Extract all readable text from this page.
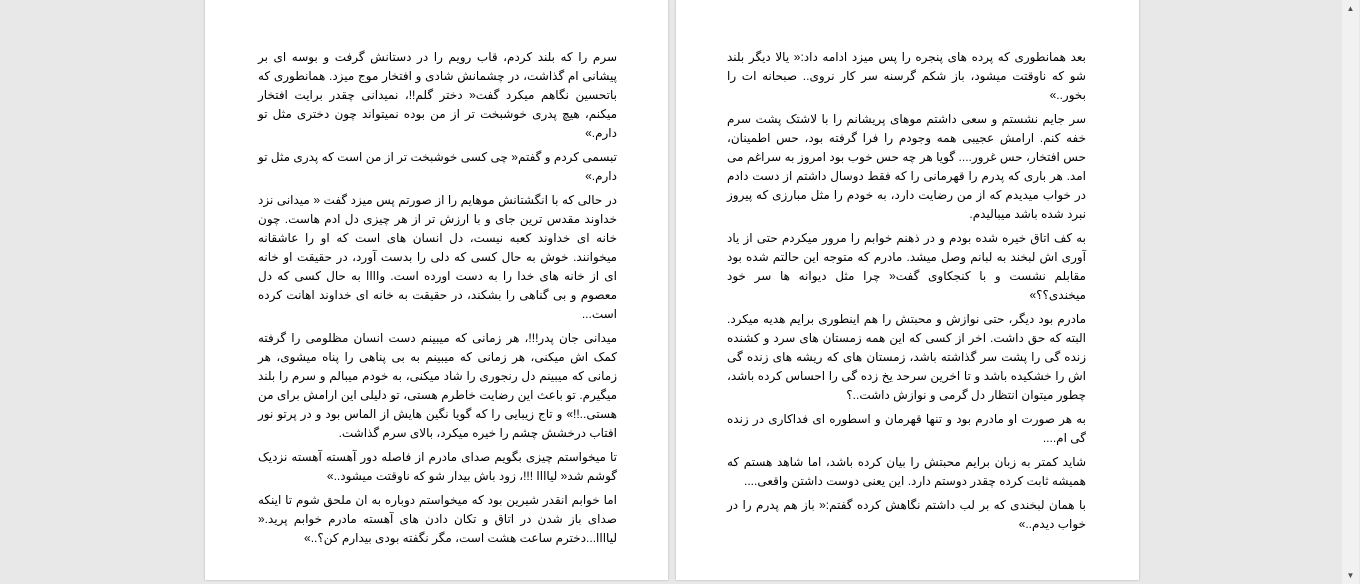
سرم را که بلند کردم، قاب رویم را در دستانش گرفت و بوسه ای بر پیشانی ام گذاشت، در چشمانش شادی و افتخار موج میزد. همانطوری که باتحسین نگاهم میکرد گفت« دختر گلم!!، نمیدانی چقدر برایت افتخار میکنم، هیچ پدری خوشبخت تر از من بوده نمیتواند چون دختری مثل تو دارم.»

تبسمی کردم و گفتم« چی کسی خوشبخت تر از من است که پدری مثل تو دارم.»

در حالی که با انگشتانش موهایم را از صورتم پس میزد گفت « میدانی نزد خداوند مقدس ترین جای و با ارزش تر از هر چیزی دل ادم هاست. چون خانه ای خداوند کعبه نیست، دل انسان های است که او را عاشقانه میخوانند. خوش به حال کسی که دلی را بدست آورد، در حقیقت او خانه ای از خانه های خدا را به دست اورده است. واااا به حال کسی که دل معصوم و بی گناهی را بشکند، در حقیقت به خانه ای خداوند اهانت کرده است...

میدانی جان پدر!!!، هر زمانی که میبینم دست انسان مظلومی را گرفته کمک اش میکنی، هر زمانی که میبینم به بی پناهی را پناه میشوی، هر زمانی که میبینم دل رنجوری را شاد میکنی، به خودم میبالم و سرم را بلند میگیرم. تو باعث این رضایت خاطرم هستی، تو دلیلی این ارامش برای من هستی..!!» و تاج زیبایی را که گویا نگین هایش از الماس بود و در پرتو نور افتاب درخشش چشم را خیره میکرد، بالای سرم گذاشت.

تا میخواستم چیزی بگویم صدای مادرم از فاصله دور آهسته آهسته نزدیک گوشم شد« لیاااا !!!، زود باش بیدار شو که ناوقتت میشود..»

اما خوابم انقدر شیرین بود که میخواستم دوباره به ان ملحق شوم تا اینکه صدای باز شدن در اتاق و تکان دادن های آهسته مادرم خوابم پرید.« لیاااا...دخترم ساعت هشت است، مگر نگفته بودی بیدارم کن؟..»

بعد همانطوری که پرده های پنجره را پس میزد ادامه داد:« یالا دیگر بلند شو که ناوقتت میشود، باز شکم گرسنه سر کار نروی.. صبحانه ات را بخور..»

سر جایم نشستم و سعی داشتم موهای پریشانم را با لاشتک پشت سرم خفه کنم. ارامش عجیبی همه وجودم را فرا گرفته بود، حس اطمینان، حس افتخار، حس غرور.... گویا هر چه حس خوب بود امروز به سراغم می امد. هر باری که پدرم را قهرمانی را که فقط دوسال داشتم از دست دادم در خواب میدیدم که از من رضایت دارد، به خودم را مثل مبارزی که پیروز نبرد شده باشد میبالیدم.

به کف اتاق خیره شده بودم و در ذهنم خوابم را مرور میکردم حتی از یاد آوری اش لبخند به لبانم وصل میشد. مادرم که متوجه این حالتم شده بود مقابلم نشست و با کنجکاوی گفت« چرا مثل دیوانه ها سر خود میخندی؟؟»

مادرم بود دیگر، حتی نوازش و محبتش را هم اینطوری برایم هدیه میکرد. البته که حق داشت. اخر از کسی که این همه زمستان های سرد و کشنده زنده گی را پشت سر گذاشته باشد، زمستان های که ریشه های زنده گی اش را خشکیده باشد و تا اخرین سرحد یخ زده گی را احساس کرده باشد، چطور میتوان انتظار دل گرمی و نوازش داشت..؟

به هر صورت او مادرم بود و تنها قهرمان و اسطوره ای فداکاری در زنده گی ام....

شاید کمتر به زبان برایم محبتش را بیان کرده باشد، اما شاهد هستم که همیشه ثابت کرده چقدر دوستم دارد. این یعنی دوست داشتن واقعی....

با همان لبخندی که بر لب داشتم نگاهش کرده گفتم:« باز هم پدرم را در خواب دیدم..»

▲
▼
